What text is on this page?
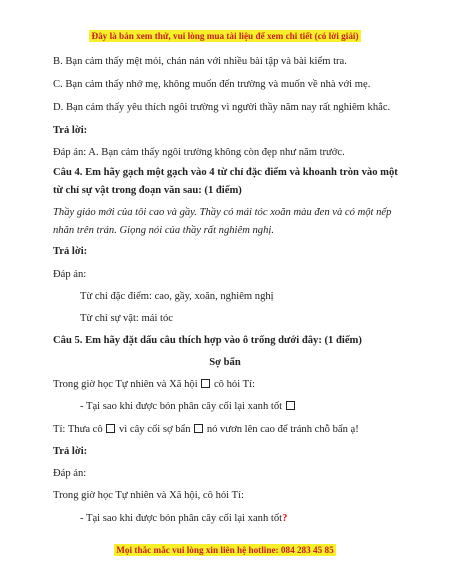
Đây là bản xem thử, vui lòng mua tài liệu để xem chi tiết (có lời giải)
B. Bạn cảm thấy mệt mỏi, chán nản với nhiều bài tập và bài kiểm tra.
C. Bạn cảm thấy nhớ mẹ, không muốn đến trường và muốn về nhà với mẹ.
D. Bạn cảm thấy yêu thích ngôi trường vì người thầy năm nay rất nghiêm khắc.
Trả lời:
Đáp án: A. Bạn cảm thấy ngôi trường không còn đẹp như năm trước.
Câu 4. Em hãy gạch một gạch vào 4 từ chỉ đặc điểm và khoanh tròn vào một
từ chỉ sự vật trong đoạn văn sau: (1 điểm)
Thầy giáo mới của tôi cao và gầy. Thầy có mái tóc xoăn màu đen và có một nếp
nhăn trên trán. Giọng nói của thầy rất nghiêm nghị.
Trả lời:
Đáp án:
Từ chỉ đặc điểm: cao, gầy, xoăn, nghiêm nghị
Từ chỉ sự vật: mái tóc
Câu 5. Em hãy đặt dấu câu thích hợp vào ô trống dưới đây: (1 điểm)
Sợ bẩn
Trong giờ học Tự nhiên và Xã hội cô hỏi Tí:
- Tại sao khi được bón phân cây cối lại xanh tốt
Tí: Thưa cô vì cây cối sợ bẩn nó vươn lên cao để tránh chỗ bẩn ạ!
Trả lời:
Đáp án:
Trong giờ học Tự nhiên và Xã hội, cô hỏi Tí:
- Tại sao khi được bón phân cây cối lại xanh tốt?
Mọi thắc mắc vui lòng xin liên hệ hotline: 084 283 45 85
